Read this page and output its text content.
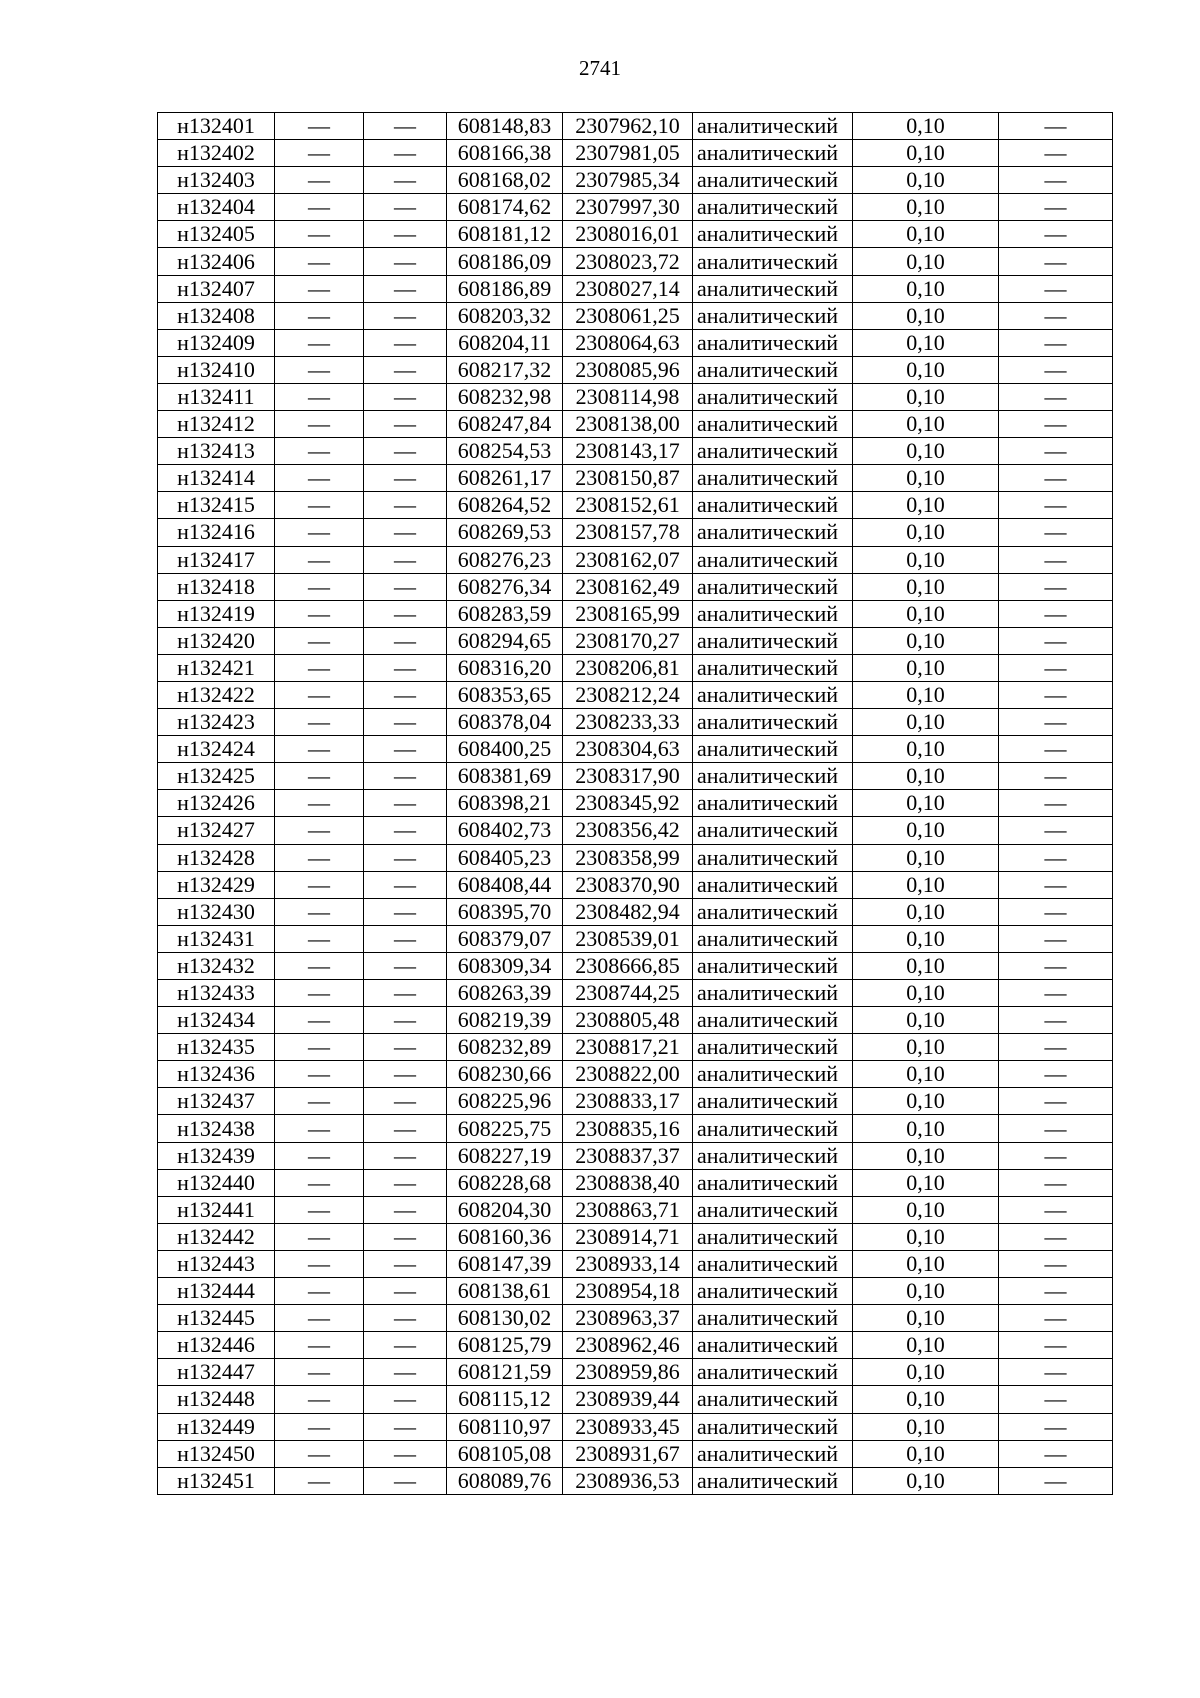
2741
н132401	—	—	608148,83	2307962,10	аналитический	0,10	—
н132402	—	—	608166,38	2307981,05	аналитический	0,10	—
н132403	—	—	608168,02	2307985,34	аналитический	0,10	—
н132404	—	—	608174,62	2307997,30	аналитический	0,10	—
н132405	—	—	608181,12	2308016,01	аналитический	0,10	—
н132406	—	—	608186,09	2308023,72	аналитический	0,10	—
н132407	—	—	608186,89	2308027,14	аналитический	0,10	—
н132408	—	—	608203,32	2308061,25	аналитический	0,10	—
н132409	—	—	608204,11	2308064,63	аналитический	0,10	—
н132410	—	—	608217,32	2308085,96	аналитический	0,10	—
н132411	—	—	608232,98	2308114,98	аналитический	0,10	—
н132412	—	—	608247,84	2308138,00	аналитический	0,10	—
н132413	—	—	608254,53	2308143,17	аналитический	0,10	—
н132414	—	—	608261,17	2308150,87	аналитический	0,10	—
н132415	—	—	608264,52	2308152,61	аналитический	0,10	—
н132416	—	—	608269,53	2308157,78	аналитический	0,10	—
н132417	—	—	608276,23	2308162,07	аналитический	0,10	—
н132418	—	—	608276,34	2308162,49	аналитический	0,10	—
н132419	—	—	608283,59	2308165,99	аналитический	0,10	—
н132420	—	—	608294,65	2308170,27	аналитический	0,10	—
н132421	—	—	608316,20	2308206,81	аналитический	0,10	—
н132422	—	—	608353,65	2308212,24	аналитический	0,10	—
н132423	—	—	608378,04	2308233,33	аналитический	0,10	—
н132424	—	—	608400,25	2308304,63	аналитический	0,10	—
н132425	—	—	608381,69	2308317,90	аналитический	0,10	—
н132426	—	—	608398,21	2308345,92	аналитический	0,10	—
н132427	—	—	608402,73	2308356,42	аналитический	0,10	—
н132428	—	—	608405,23	2308358,99	аналитический	0,10	—
н132429	—	—	608408,44	2308370,90	аналитический	0,10	—
н132430	—	—	608395,70	2308482,94	аналитический	0,10	—
н132431	—	—	608379,07	2308539,01	аналитический	0,10	—
н132432	—	—	608309,34	2308666,85	аналитический	0,10	—
н132433	—	—	608263,39	2308744,25	аналитический	0,10	—
н132434	—	—	608219,39	2308805,48	аналитический	0,10	—
н132435	—	—	608232,89	2308817,21	аналитический	0,10	—
н132436	—	—	608230,66	2308822,00	аналитический	0,10	—
н132437	—	—	608225,96	2308833,17	аналитический	0,10	—
н132438	—	—	608225,75	2308835,16	аналитический	0,10	—
н132439	—	—	608227,19	2308837,37	аналитический	0,10	—
н132440	—	—	608228,68	2308838,40	аналитический	0,10	—
н132441	—	—	608204,30	2308863,71	аналитический	0,10	—
н132442	—	—	608160,36	2308914,71	аналитический	0,10	—
н132443	—	—	608147,39	2308933,14	аналитический	0,10	—
н132444	—	—	608138,61	2308954,18	аналитический	0,10	—
н132445	—	—	608130,02	2308963,37	аналитический	0,10	—
н132446	—	—	608125,79	2308962,46	аналитический	0,10	—
н132447	—	—	608121,59	2308959,86	аналитический	0,10	—
н132448	—	—	608115,12	2308939,44	аналитический	0,10	—
н132449	—	—	608110,97	2308933,45	аналитический	0,10	—
н132450	—	—	608105,08	2308931,67	аналитический	0,10	—
н132451	—	—	608089,76	2308936,53	аналитический	0,10	—
